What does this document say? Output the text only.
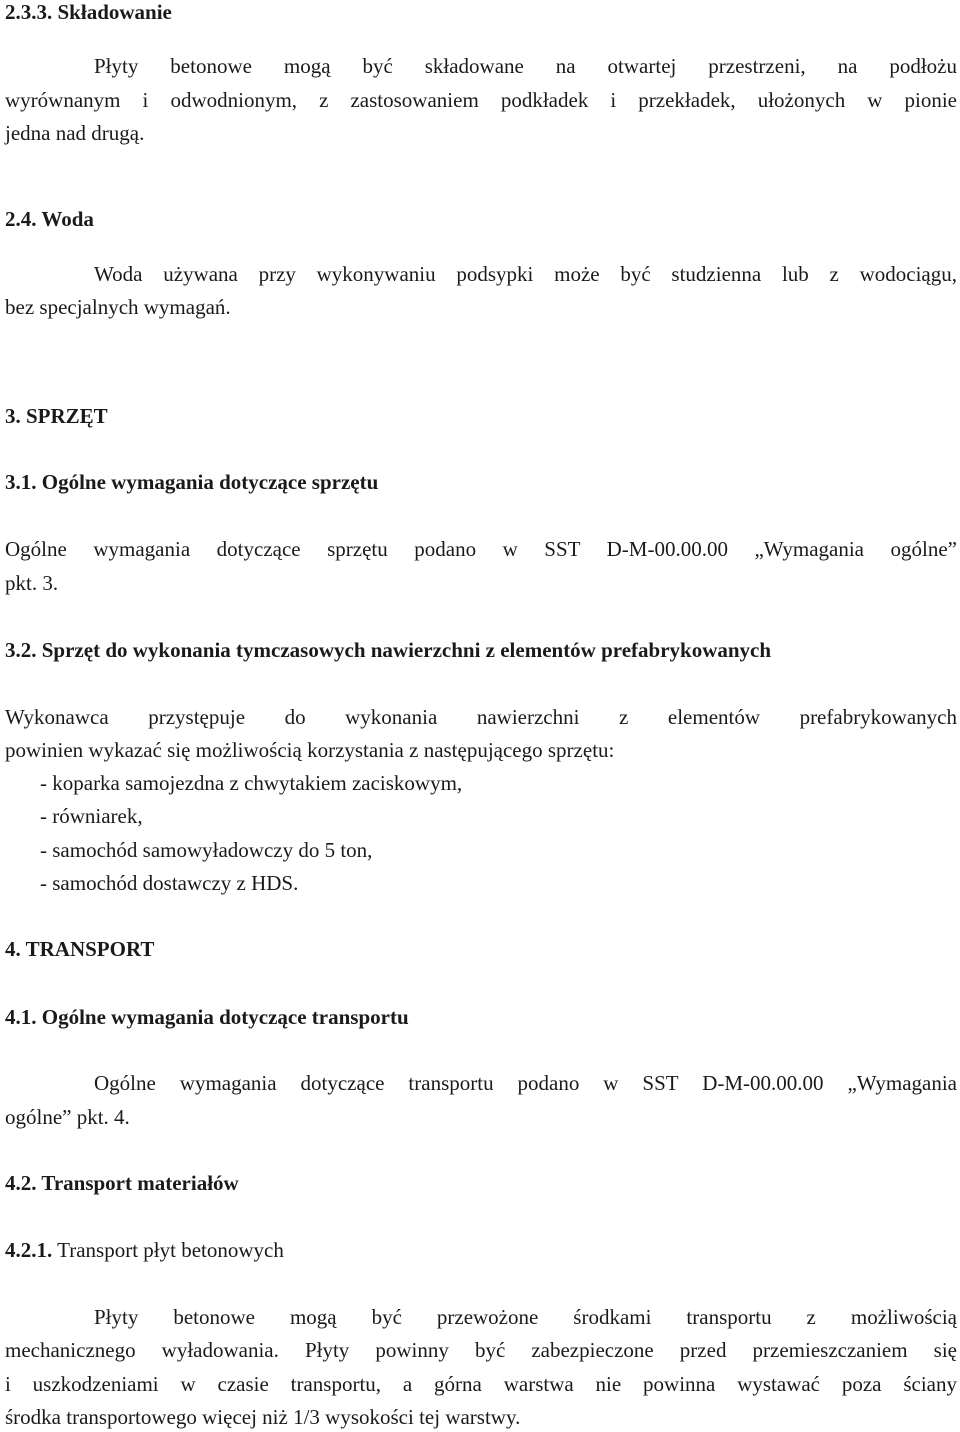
2.3.3. Składowanie
Płyty betonowe mogą być składowane na otwartej przestrzeni, na podłożu
wyrównanym i odwodnionym, z zastosowaniem podkładek i przekładek, ułożonych w pionie
jedna nad drugą.
2.4. Woda
Woda używana przy wykonywaniu podsypki może być studzienna lub z wodociągu,
bez specjalnych wymagań.
3. SPRZĘT
3.1. Ogólne wymagania dotyczące sprzętu
Ogólne wymagania dotyczące sprzętu podano w SST D-M-00.00.00 „Wymagania ogólne”
pkt. 3.
3.2. Sprzęt do wykonania tymczasowych nawierzchni z elementów prefabrykowanych
Wykonawca przystępuje do wykonania nawierzchni z elementów prefabrykowanych
powinien wykazać się możliwością korzystania z następującego sprzętu:
- koparka samojezdna z chwytakiem zaciskowym,
- równiarek,
- samochód samowyładowczy do 5 ton,
- samochód dostawczy z HDS.
4. TRANSPORT
4.1. Ogólne wymagania dotyczące transportu
Ogólne wymagania dotyczące transportu podano w SST D-M-00.00.00 „Wymagania
ogólne” pkt. 4.
4.2. Transport materiałów
4.2.1. Transport płyt betonowych
Płyty betonowe mogą być przewożone środkami transportu z możliwością
mechanicznego wyładowania. Płyty powinny być zabezpieczone przed przemieszczaniem się
i uszkodzeniami w czasie transportu, a górna warstwa nie powinna wystawać poza ściany
środka transportowego więcej niż 1/3 wysokości tej warstwy.
